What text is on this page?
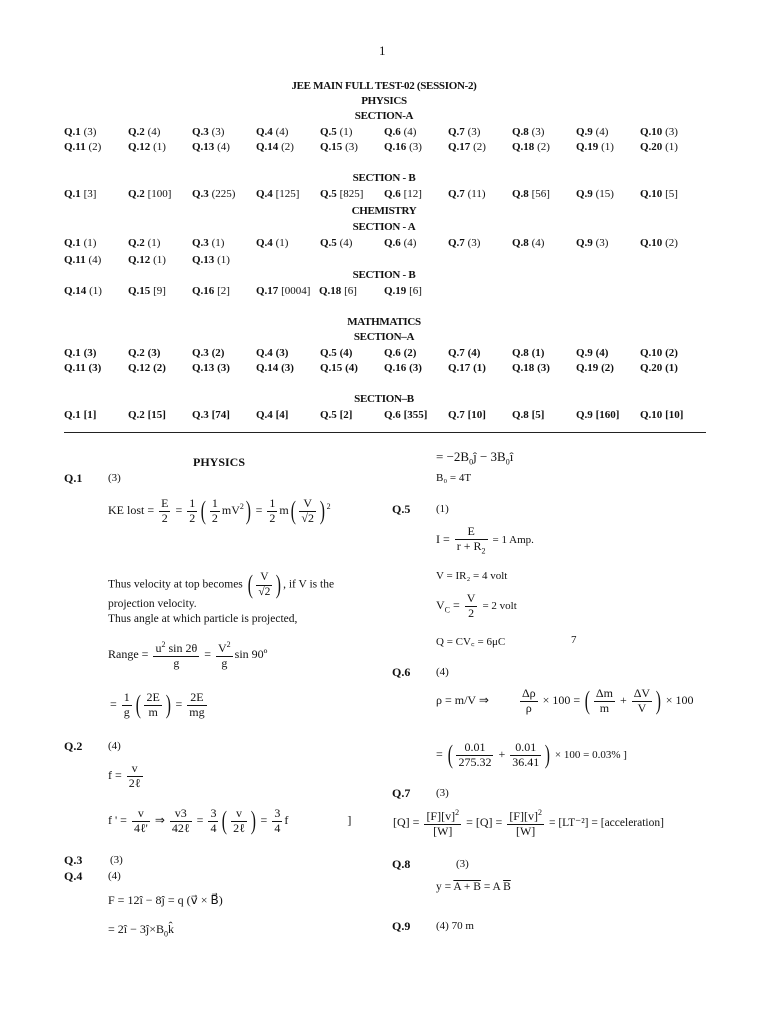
1
JEE MAIN FULL TEST-02 (SESSION-2)
PHYSICS
SECTION-A
SECTION - B
CHEMISTRY
SECTION - A
SECTION - B
MATHMATICS
SECTION–A
SECTION–B
PHYSICS
Q.1 (3)
KE lost = $\frac{E}{2} = \frac{1}{2}$ ( $\frac{1}{2} mV^2) = \frac{1}{2} m( \frac{V}{√2}$ ) $^2$
Thus velocity at top becomes ( $\frac{V}{√2}$ ) , if V is the
projection velocity.
Thus angle at which particle is projected,
Range = $\frac{u^2 \sin 2\theta}{g} = \frac{V^2}{g}$ sin 90º
= $\frac{1}{g}$ ( $\frac{2E}{m}$ ) = $\frac{2E}{mg}$
Q.2 (4)
$f = \frac{v}{\text{2ℓ}}$
f ' = $\frac{v}{\text{4ℓ'}}$ ⇒ $\frac{v3}{\text{42ℓ}} = \frac{3}{4}$ ( $\frac{v}{\text{2ℓ}}$ ) = $\frac{3}{4}$ f	]
Q.3	(3)
Q.4 (4)
F = 12î − 8ĵ = q (v⃗ × B⃗)
= 2î − $3ĵ\times B_0k̂$
= $-2B_0ĵ$ − $3B_0î$
B₀ = 4T
Q.5 (1)
$I = \frac{E}{r + R_2} = 1$ Amp.
V = IR₂ = 4 volt
$V_C = \frac{V}{2} = 2$ volt
Q = CV꜀ = 6μC	7
Q.6 (4)
ρ = m/V ⇒	$\frac{\Delta\rho}{\rho} \times 100$ = ( $\frac{\Delta m}{m} + \frac{\Delta V}{V}$ ) × 100
= ( $\frac{0.01}{275.32} + \frac{0.01}{36.41}$ ) × 100 = 0.03% ]
Q.7 (3)
$[Q] = \frac{[F][v]^2}{[W]} = [Q] = \frac{[F][v]^2}{[W]} = [LT^{-2}]$ = [acceleration]
Q.8	(3)
y = A + B = A $\overline{B}$
Q.9 (4) 70 m
Q.1 (3)	Q.2 (4)	Q.3 (3)	Q.4 (4)	Q.5 (1)	Q.6 (4)	Q.7 (3)	Q.8 (3)	Q.9 (4)	Q.10 (3)
Q.11 (2) Q.12 (1) Q.13 (4) Q.14 (2) Q.15 (3) Q.16 (3) Q.17 (2) Q.18 (2) Q.19 (1) Q.20 (1)
Q.1 [3]	Q.2 [100] Q.3 (225) Q.4 [125] Q.5 [825] Q.6 [12] Q.7 (11) Q.8 [56] Q.9 (15) Q.10 [5]
Q.1 (1)	Q.2 (1)	Q.3 (1)	Q.4 (1)	Q.5 (4)	Q.6 (4)	Q.7 (3)	Q.8 (4)	Q.9 (3)	Q.10 (2)
Q.11 (4) Q.12 (1) Q.13 (1)
Q.14 (1) Q.15 [9] Q.16 [2] Q.17 [0004] Q.18 [6] Q.19 [6]
Q.1 (3)	Q.2 (3)	Q.3 (2)	Q.4 (3)	Q.5 (4)	Q.6 (2)	Q.7 (4)	Q.8 (1)	Q.9 (4)	Q.10 (2)
Q.11 (3) Q.12 (2) Q.13 (3) Q.14 (3) Q.15 (4) Q.16 (3) Q.17 (1) Q.18 (3) Q.19 (2) Q.20 (1)
Q.1 [1]	Q.2 [15] Q.3 [74] Q.4 [4]	Q.5 [2]	Q.6 [355] Q.7 [10] Q.8 [5]	Q.9 [160] Q.10 [10]
